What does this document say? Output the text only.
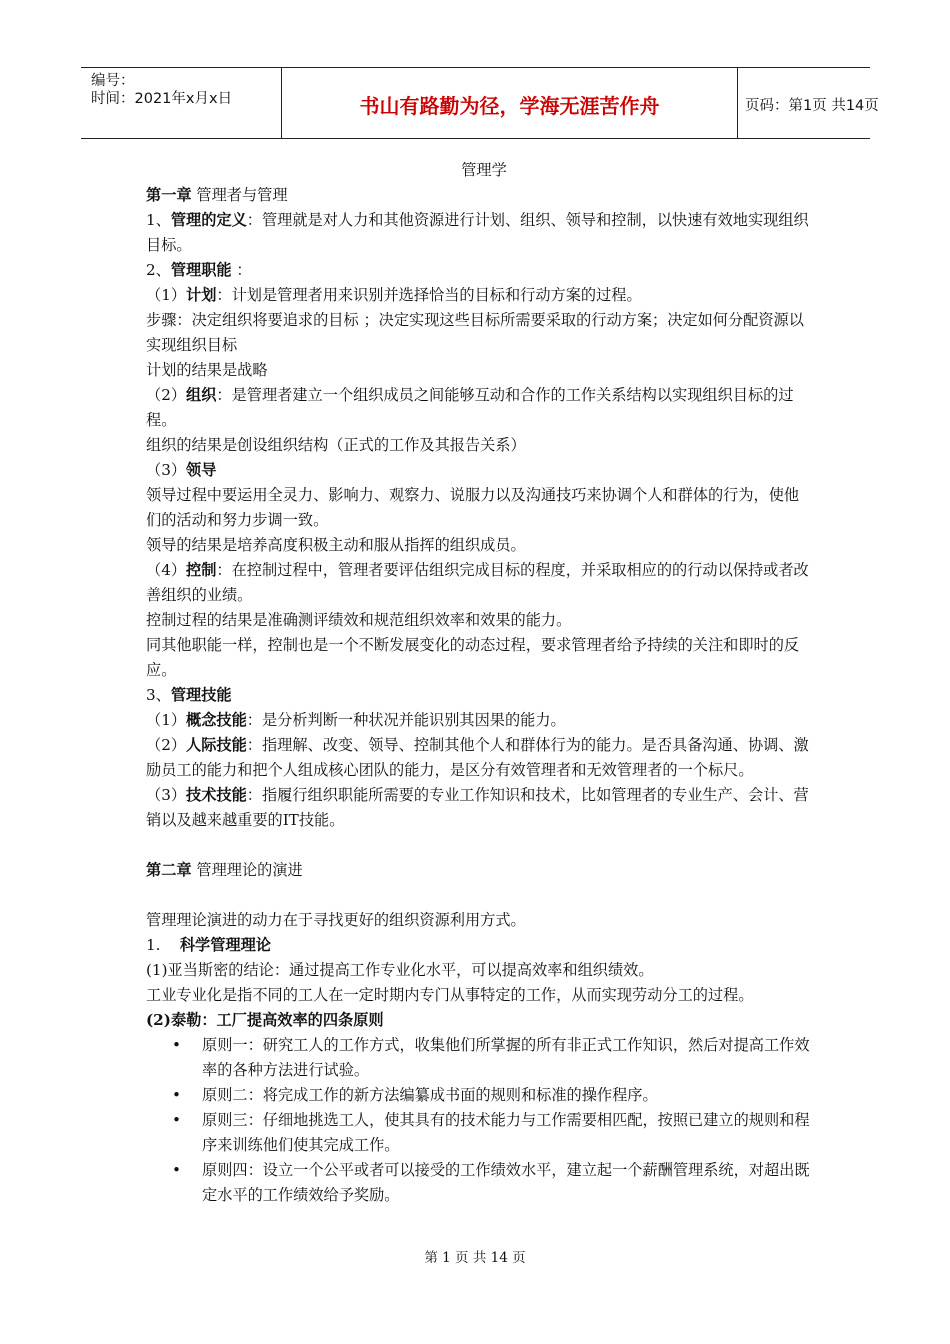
编号：
时间：2021年x月x日	书山有路勤为径，学海无涯苦作舟	页码：第1页 共14页

管理学

第一章 管理者与管理

1、管理的定义：管理就是对人力和其他资源进行计划、组织、领导和控制，以快速有效地实现组织目标。

2、管理职能 ：

（1）计划：计划是管理者用来识别并选择恰当的目标和行动方案的过程。

步骤：决定组织将要追求的目标 ；决定实现这些目标所需要采取的行动方案；决定如何分配资源以实现组织目标

计划的结果是战略

（2）组织：是管理者建立一个组织成员之间能够互动和合作的工作关系结构以实现组织目标的过程。

组织的结果是创设组织结构（正式的工作及其报告关系）

（3）领导

领导过程中要运用全灵力、影响力、观察力、说服力以及沟通技巧来协调个人和群体的行为，使他们的活动和努力步调一致。

领导的结果是培养高度积极主动和服从指挥的组织成员。

（4）控制：在控制过程中，管理者要评估组织完成目标的程度，并采取相应的的行动以保持或者改善组织的业绩。

控制过程的结果是准确测评绩效和规范组织效率和效果的能力。

同其他职能一样，控制也是一个不断发展变化的动态过程，要求管理者给予持续的关注和即时的反应。

3、管理技能

（1）概念技能：是分析判断一种状况并能识别其因果的能力。

（2）人际技能：指理解、改变、领导、控制其他个人和群体行为的能力。是否具备沟通、协调、激励员工的能力和把个人组成核心团队的能力，是区分有效管理者和无效管理者的一个标尺。

（3）技术技能：指履行组织职能所需要的专业工作知识和技术，比如管理者的专业生产、会计、营销以及越来越重要的IT技能。

第二章 管理理论的演进

管理理论演进的动力在于寻找更好的组织资源利用方式。

1.    科学管理理论

(1)亚当斯密的结论：通过提高工作专业化水平，可以提高效率和组织绩效。

工业专业化是指不同的工人在一定时期内专门从事特定的工作，从而实现劳动分工的过程。

(2)泰勒：工厂提高效率的四条原则

• 原则一：研究工人的工作方式，收集他们所掌握的所有非正式工作知识，然后对提高工作效率的各种方法进行试验。
• 原则二：将完成工作的新方法编纂成书面的规则和标准的操作程序。
• 原则三：仔细地挑选工人，使其具有的技术能力与工作需要相匹配，按照已建立的规则和程序来训练他们使其完成工作。
• 原则四：设立一个公平或者可以接受的工作绩效水平，建立起一个薪酬管理系统，对超出既定水平的工作绩效给予奖励。
第 1 页 共 14 页
